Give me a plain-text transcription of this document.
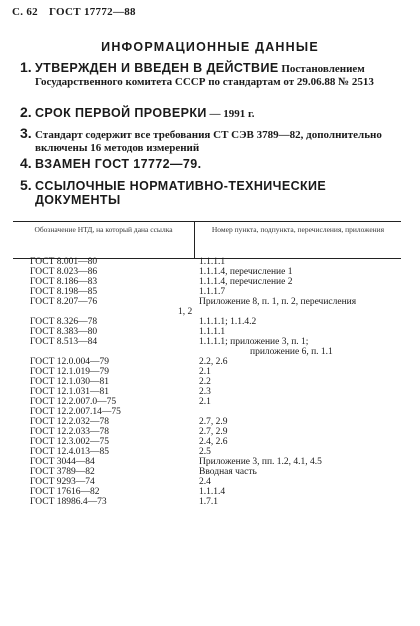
С. 62 ГОСТ 17772—88
ИНФОРМАЦИОННЫЕ ДАННЫЕ
1. УТВЕРЖДЕН И ВВЕДЕН В ДЕЙСТВИЕ Постановлением Государственного комитета СССР по стандартам от 29.06.88 № 2513
2. СРОК ПЕРВОЙ ПРОВЕРКИ — 1991 г.
3. Стандарт содержит все требования СТ СЭВ 3789—82, дополнительно включены 16 методов измерений
4. ВЗАМЕН ГОСТ 17772—79.
5. ССЫЛОЧНЫЕ НОРМАТИВНО-ТЕХНИЧЕСКИЕ ДОКУМЕНТЫ
Обозначение НТД, на который дана ссылка	Номер пункта, подпункта, перечисления, приложения
ГОСТ 8.001—80	1.1.1.1
ГОСТ 8.023—86	1.1.1.4, перечисление 1
ГОСТ 8.186—83	1.1.1.4, перечисление 2
ГОСТ 8.198—85	1.1.1.7
ГОСТ 8.207—76	Приложение 8, п. 1, п. 2, перечисления
1, 2
ГОСТ 8.326—78	1.1.1.1; 1.1.4.2
ГОСТ 8.383—80	1.1.1.1
ГОСТ 8.513—84	1.1.1.1; приложение 3, п. 1;
приложение 6, п. 1.1
ГОСТ 12.0.004—79	2.2, 2.6
ГОСТ 12.1.019—79	2.1
ГОСТ 12.1.030—81	2.2
ГОСТ 12.1.031—81	2.3
ГОСТ 12.2.007.0—75	2.1
ГОСТ 12.2.007.14—75
ГОСТ 12.2.032—78	2.7, 2.9
ГОСТ 12.2.033—78	2.7, 2.9
ГОСТ 12.3.002—75	2.4, 2.6
ГОСТ 12.4.013—85	2.5
ГОСТ 3044—84	Приложение 3, пп. 1.2, 4.1, 4.5
ГОСТ 3789—82	Вводная часть
ГОСТ 9293—74	2.4
ГОСТ 17616—82	1.1.1.4
ГОСТ 18986.4—73	1.7.1
